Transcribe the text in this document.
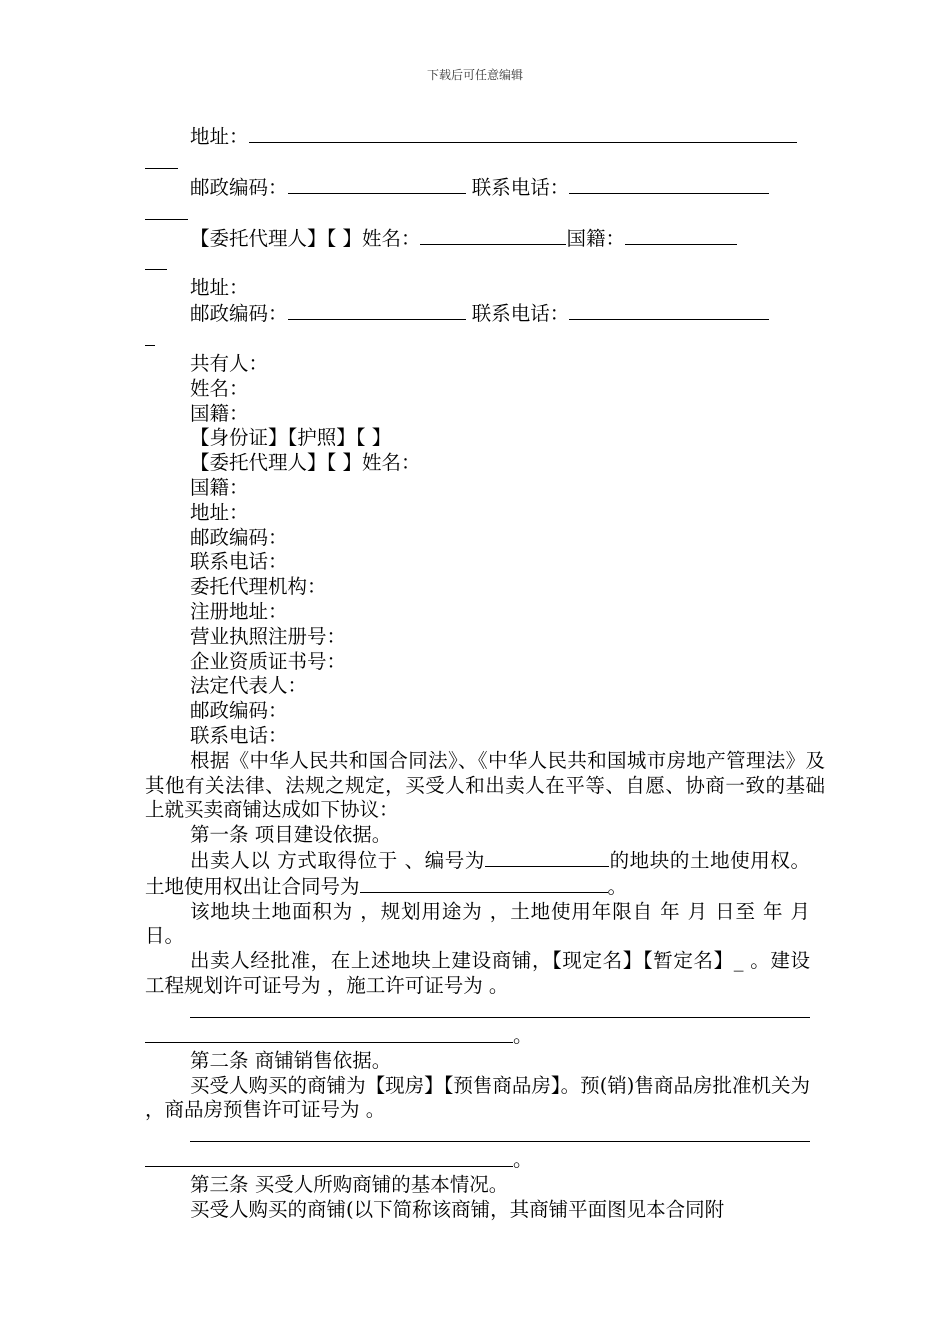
下载后可任意编辑
地址：
邮政编码：	联系电话：
【委托代理人】【 】姓名：	国籍：
地址：
邮政编码：	联系电话：
共有人：
姓名：
国籍：
【身份证】【护照】【 】
【委托代理人】【 】姓名：
国籍：
地址：
邮政编码：
联系电话：
委托代理机构：
注册地址：
营业执照注册号：
企业资质证书号：
法定代表人：
邮政编码：
联系电话：
根据《中华人民共和国合同法》、《中华人民共和国城市房地产管理法》及其他有关法律、法规之规定，买受人和出卖人在平等、自愿、协商一致的基础上就买卖商铺达成如下协议：
第一条 项目建设依据。
出卖人以 方式取得位于 、编号为	的地块的土地使用权。土地使用权出让合同号为	。
该地块土地面积为 ，规划用途为 ，土地使用年限自 年 月 日至 年 月 日。
出卖人经批准，在上述地块上建设商铺，【现定名】【暂定名】_ 。建设工程规划许可证号为 ，施工许可证号为 。
。
第二条 商铺销售依据。
买受人购买的商铺为【现房】【预售商品房】。预(销)售商品房批准机关为 ，商品房预售许可证号为 。
。
第三条 买受人所购商铺的基本情况。
买受人购买的商铺(以下简称该商铺，其商铺平面图见本合同附
